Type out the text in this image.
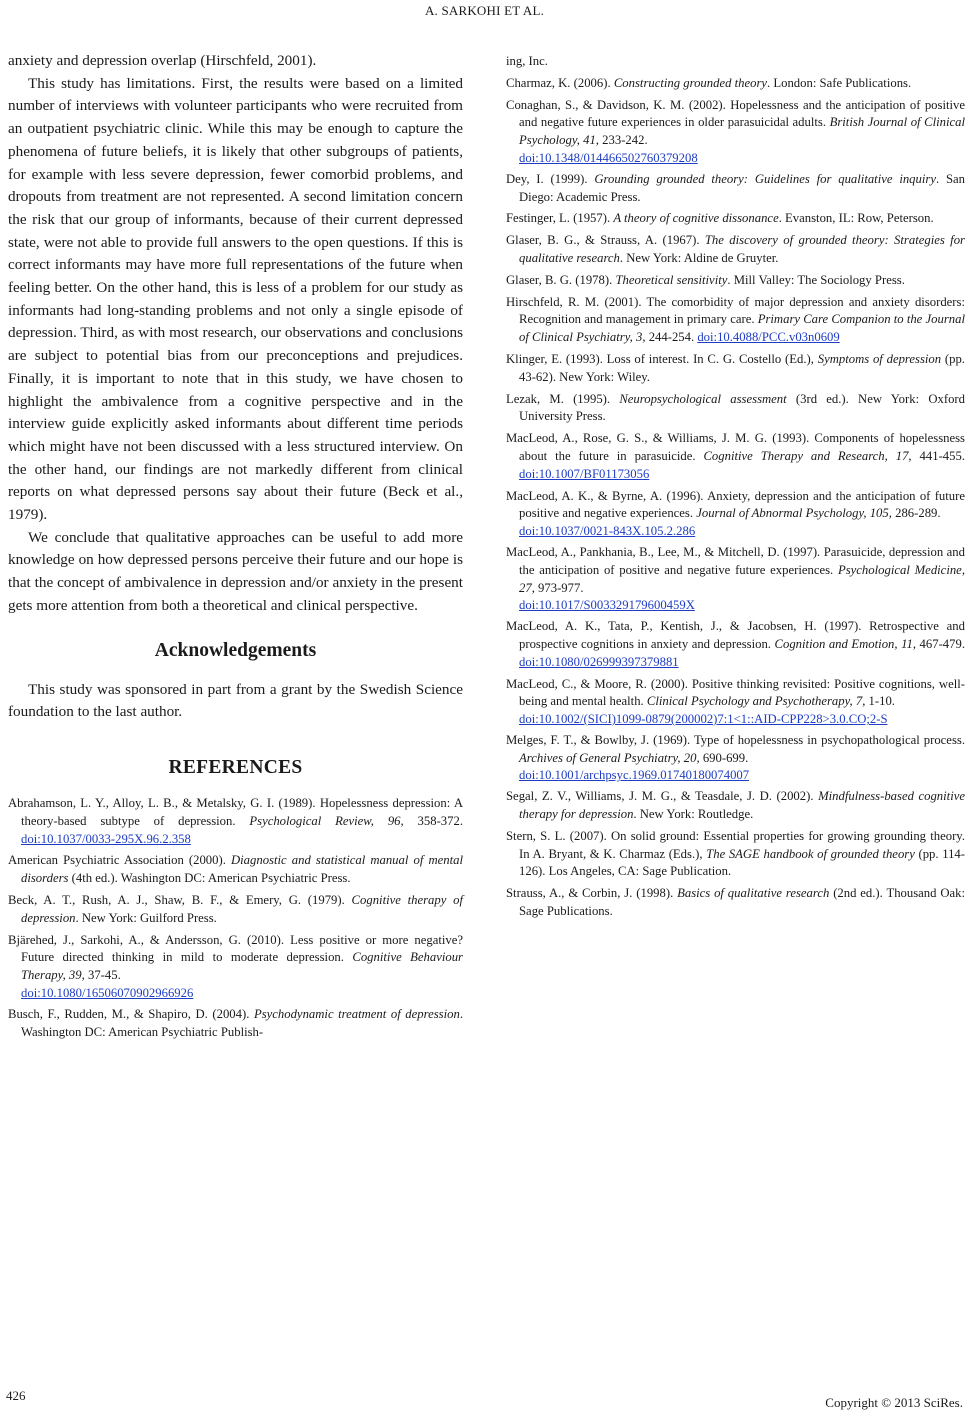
A. SARKOHI ET AL.

anxiety and depression overlap (Hirschfeld, 2001).

This study has limitations. First, the results were based on a limited number of interviews with volunteer participants who were recruited from an outpatient psychiatric clinic. While this may be enough to capture the phenomena of future beliefs, it is likely that other subgroups of patients, for example with less severe depression, fewer comorbid problems, and dropouts from treatment are not represented. A second limitation concern the risk that our group of informants, because of their current depressed state, were not able to provide full answers to the open questions. If this is correct informants may have more full representations of the future when feeling better. On the other hand, this is less of a problem for our study as informants had long-standing problems and not only a single episode of depression. Third, as with most research, our observations and conclusions are subject to potential bias from our preconceptions and prejudices. Finally, it is important to note that in this study, we have chosen to highlight the ambivalence from a cognitive perspective and in the interview guide explicitly asked informants about different time periods which might have not been discussed with a less structured interview. On the other hand, our findings are not markedly different from clinical reports on what depressed persons say about their future (Beck et al., 1979).

We conclude that qualitative approaches can be useful to add more knowledge on how depressed persons perceive their future and our hope is that the concept of ambivalence in depression and/or anxiety in the present gets more attention from both a theoretical and clinical perspective.

Acknowledgements

This study was sponsored in part from a grant by the Swedish Science foundation to the last author.

REFERENCES
Abrahamson, L. Y., Alloy, L. B., & Metalsky, G. I. (1989). Hopelessness depression: A theory-based subtype of depression. Psychological Review, 96, 358-372. doi:10.1037/0033-295X.96.2.358
American Psychiatric Association (2000). Diagnostic and statistical manual of mental disorders (4th ed.). Washington DC: American Psychiatric Press.
Beck, A. T., Rush, A. J., Shaw, B. F., & Emery, G. (1979). Cognitive therapy of depression. New York: Guilford Press.
Bjärehed, J., Sarkohi, A., & Andersson, G. (2010). Less positive or more negative? Future directed thinking in mild to moderate depression. Cognitive Behaviour Therapy, 39, 37-45.
doi:10.1080/16506070902966926
Busch, F., Rudden, M., & Shapiro, D. (2004). Psychodynamic treatment of depression. Washington DC: American Psychiatric Publish-
ing, Inc.
Charmaz, K. (2006). Constructing grounded theory. London: Safe Publications.
Conaghan, S., & Davidson, K. M. (2002). Hopelessness and the anticipation of positive and negative future experiences in older parasuicidal adults. British Journal of Clinical Psychology, 41, 233-242.
doi:10.1348/014466502760379208
Dey, I. (1999). Grounding grounded theory: Guidelines for qualitative inquiry. San Diego: Academic Press.
Festinger, L. (1957). A theory of cognitive dissonance. Evanston, IL: Row, Peterson.
Glaser, B. G., & Strauss, A. (1967). The discovery of grounded theory: Strategies for qualitative research. New York: Aldine de Gruyter.
Glaser, B. G. (1978). Theoretical sensitivity. Mill Valley: The Sociology Press.
Hirschfeld, R. M. (2001). The comorbidity of major depression and anxiety disorders: Recognition and management in primary care. Primary Care Companion to the Journal of Clinical Psychiatry, 3, 244-254. doi:10.4088/PCC.v03n0609
Klinger, E. (1993). Loss of interest. In C. G. Costello (Ed.), Symptoms of depression (pp. 43-62). New York: Wiley.
Lezak, M. (1995). Neuropsychological assessment (3rd ed.). New York: Oxford University Press.
MacLeod, A., Rose, G. S., & Williams, J. M. G. (1993). Components of hopelessness about the future in parasuicide. Cognitive Therapy and Research, 17, 441-455. doi:10.1007/BF01173056
MacLeod, A. K., & Byrne, A. (1996). Anxiety, depression and the anticipation of future positive and negative experiences. Journal of Abnormal Psychology, 105, 286-289.
doi:10.1037/0021-843X.105.2.286
MacLeod, A., Pankhania, B., Lee, M., & Mitchell, D. (1997). Parasuicide, depression and the anticipation of positive and negative future experiences. Psychological Medicine, 27, 973-977.
doi:10.1017/S003329179600459X
MacLeod, A. K., Tata, P., Kentish, J., & Jacobsen, H. (1997). Retrospective and prospective cognitions in anxiety and depression. Cognition and Emotion, 11, 467-479. doi:10.1080/026999397379881
MacLeod, C., & Moore, R. (2000). Positive thinking revisited: Positive cognitions, well-being and mental health. Clinical Psychology and Psychotherapy, 7, 1-10.
doi:10.1002/(SICI)1099-0879(200002)7:1<1::AID-CPP228>3.0.CO;2-S
Melges, F. T., & Bowlby, J. (1969). Type of hopelessness in psychopathological process. Archives of General Psychiatry, 20, 690-699.
doi:10.1001/archpsyc.1969.01740180074007
Segal, Z. V., Williams, J. M. G., & Teasdale, J. D. (2002). Mindfulness-based cognitive therapy for depression. New York: Routledge.
Stern, S. L. (2007). On solid ground: Essential properties for growing grounding theory. In A. Bryant, & K. Charmaz (Eds.), The SAGE handbook of grounded theory (pp. 114-126). Los Angeles, CA: Sage Publication.
Strauss, A., & Corbin, J. (1998). Basics of qualitative research (2nd ed.). Thousand Oak: Sage Publications.
426	Copyright © 2013 SciRes.
